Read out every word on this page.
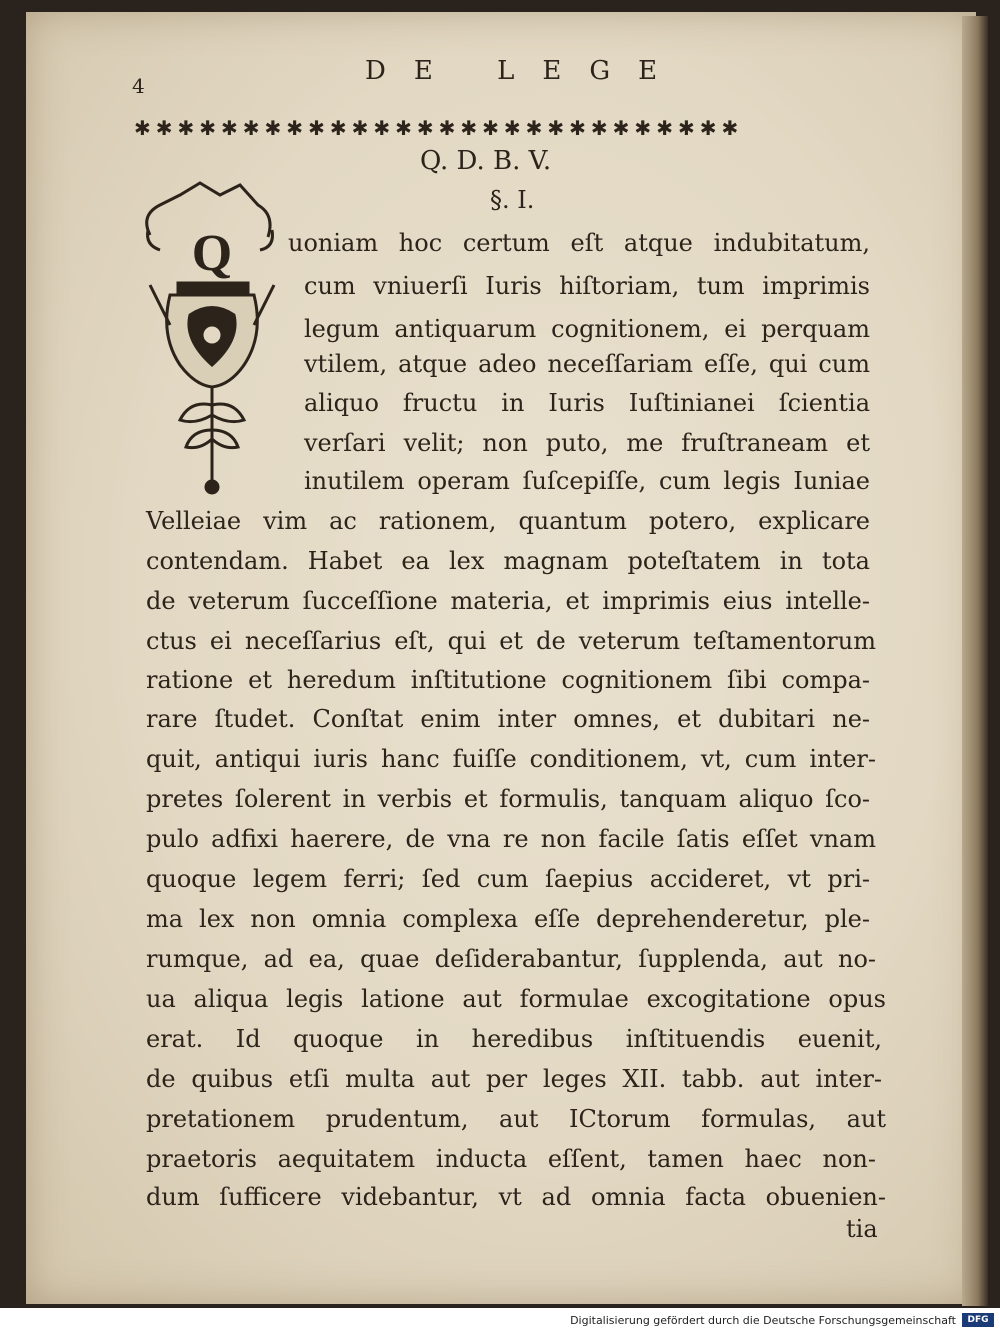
4	DE LEGE
✱✱✱✱✱✱✱✱✱✱✱✱✱✱✱✱✱✱✱✱✱✱✱✱✱✱✱✱
Q. D. B. V.
§. I.
Q uoniam hoc certum eſt atque indubitatum,
cum vniuerſi Iuris hiſtoriam, tum imprimis
legum antiquarum cognitionem, ei perquam
vtilem, atque adeo neceſſariam eſſe, qui cum
aliquo fructu in Iuris Iuſtinianei ſcientia
verſari velit; non puto, me fruſtraneam et
inutilem operam ſuſcepiſſe, cum legis Iuniae
Velleiae vim ac rationem, quantum potero, explicare
contendam. Habet ea lex magnam poteſtatem in tota
de veterum ſucceſſione materia, et imprimis eius intelle-
ctus ei neceſſarius eſt, qui et de veterum teſtamentorum
ratione et heredum inſtitutione cognitionem ſibi compa-
rare ſtudet. Conſtat enim inter omnes, et dubitari ne-
quit, antiqui iuris hanc fuiſſe conditionem, vt, cum inter-
pretes ſolerent in verbis et formulis, tanquam aliquo ſco-
pulo adfixi haerere, de vna re non facile ſatis eſſet vnam
quoque legem ferri; ſed cum ſaepius accideret, vt pri-
ma lex non omnia complexa eſſe deprehenderetur, ple-
rumque, ad ea, quae deſiderabantur, ſupplenda, aut no-
ua aliqua legis latione aut formulae excogitatione opus
erat. Id quoque in heredibus inſtituendis euenit,
de quibus etſi multa aut per leges XII. tabb. aut inter-
pretationem prudentum, aut ICtorum formulas, aut
praetoris aequitatem inducta eſſent, tamen haec non-
dum ſufficere videbantur, vt ad omnia facta obuenien-
tia
Digitalisierung gefördert durch die Deutsche Forschungsgemeinschaft	DFG
